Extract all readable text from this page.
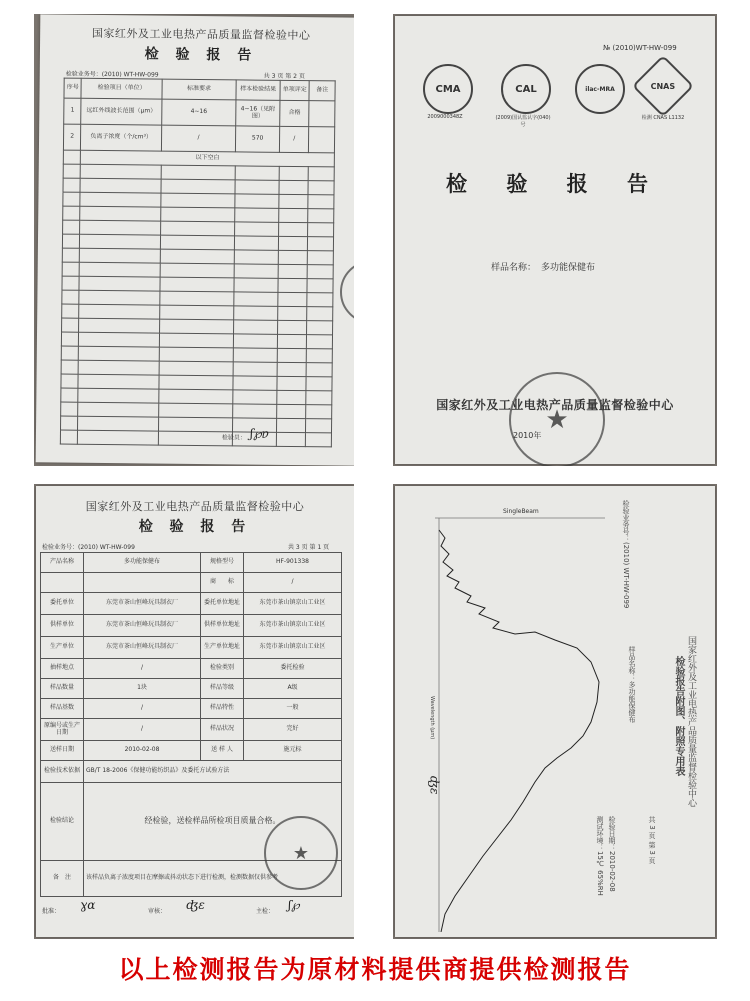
国家红外及工业电热产品质量监督检验中心
检 验 报 告
检验业务号：(2010) WT-HW-099	共 3 页 第 2 页
序号	检验项目（单位）	标准要求	样本检验结果	单项评定	备注
1	远红外线波长范围（μm）	4~16	4~16（见附图）	合格	
2	负离子浓度（个/cm³）	/	570	/	
	以下空白				

检验员： ʃ℘ɐ
№ (2010)WT-HW-099
CMA
2009000348Z
CAL
(2009)国认监认字(040)号
ilac-MRA	CNAS
检测 CNAS L1132
检 验 报 告
样品名称： 多功能保健布
国家红外及工业电热产品质量监督检验中心
2010年
★
国家红外及工业电热产品质量监督检验中心
检 验 报 告
检验业务号：(2010) WT-HW-099	共 3 页 第 1 页
产品名称	多功能保健布	规格型号	HF-901338
		商　　标	/
委托单位	东莞市茶山恒峰玩具制衣厂	委托单位地址	东莞市茶山镇京山工业区
供样单位	东莞市茶山恒峰玩具制衣厂	供样单位地址	东莞市茶山镇京山工业区
生产单位	东莞市茶山恒峰玩具制衣厂	生产单位地址	东莞市茶山镇京山工业区
抽样地点	/	检验类别	委托检验
样品数量	1块	样品等级	A级
样品基数	/	样品特性	一般
原编号或生产日期	/	样品状况	完好
送样日期	2010-02-08	送 样 人	施元标
检验技术依据	GB/T 18-2006《保健功能纺织品》及委托方试验方法		
检验结论	经检验，送检样品所检项目质量合格。		
备　注	该样品负离子浓度项目在摩擦或抖动状态下进行检测，检测数据仅供参考		
批准： ɣɑ	审核： ʤɛ	主检： ʃ℘
★
国家红外及工业电热产品质量监督检验中心
检验报告附图、附照专用表
样品名称：多功能保健布
检验业务号：(2010) WT-HW-099
检验日期：2010-02-08
测试环境：15℃ 65%RH	共 3 页 第 3 页
SingleBeam
Wavelength (μm)
ʤɛ
以上检测报告为原材料提供商提供检测报告
